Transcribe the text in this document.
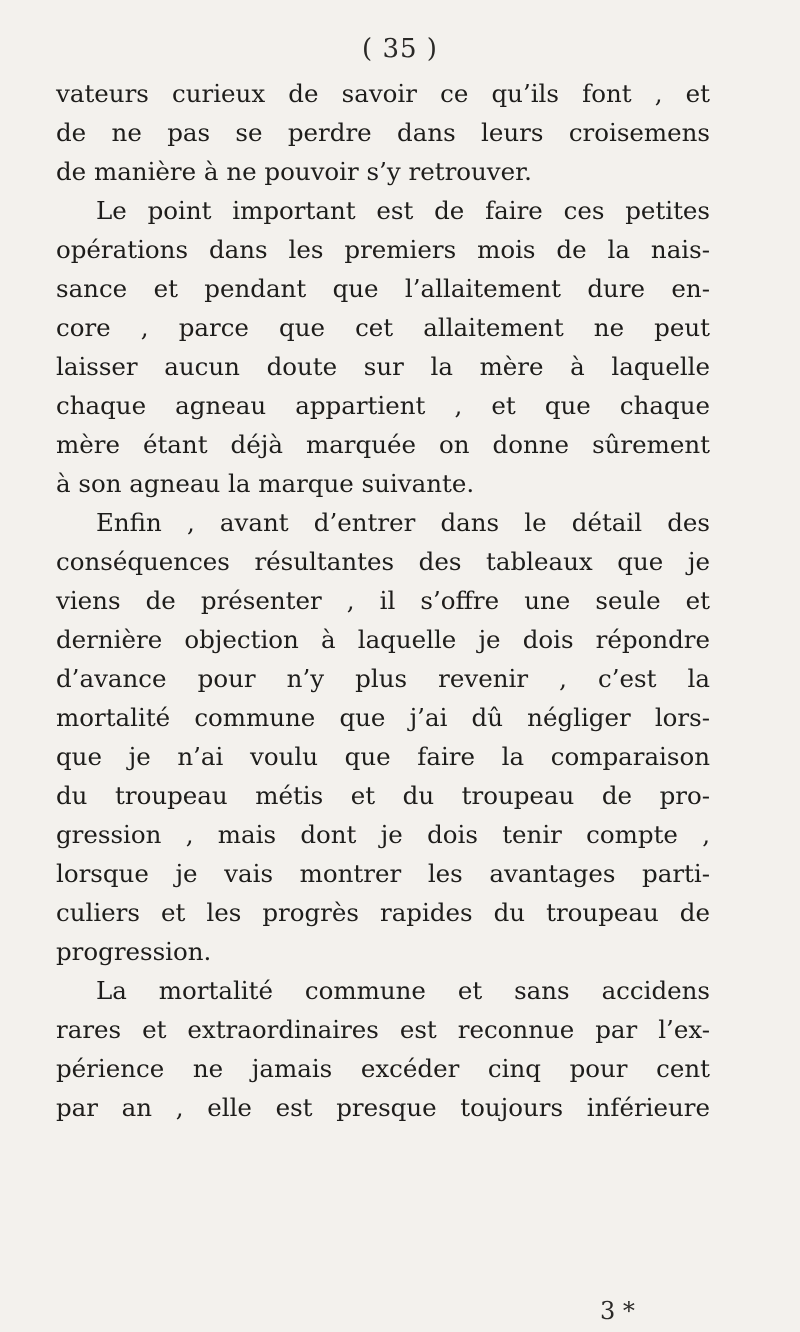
( 35 )
vateurs curieux de savoir ce qu’ils font , et
de ne pas se perdre dans leurs croisemens
de manière à ne pouvoir s’y retrouver.
Le point important est de faire ces petites
opérations dans les premiers mois de la nais-
sance et pendant que l’allaitement dure en-
core , parce que cet allaitement ne peut
laisser aucun doute sur la mère à laquelle
chaque agneau appartient , et que chaque
mère étant déjà marquée on donne sûrement
à son agneau la marque suivante.
Enfin , avant d’entrer dans le détail des
conséquences résultantes des tableaux que je
viens de présenter , il s’offre une seule et
dernière objection à laquelle je dois répondre
d’avance pour n’y plus revenir , c’est la
mortalité commune que j’ai dû négliger lors-
que je n’ai voulu que faire la comparaison
du troupeau métis et du troupeau de pro-
gression , mais dont je dois tenir compte ,
lorsque je vais montrer les avantages parti-
culiers et les progrès rapides du troupeau de
progression.
La mortalité commune et sans accidens
rares et extraordinaires est reconnue par l’ex-
périence ne jamais excéder cinq pour cent
par an , elle est presque toujours inférieure
3 *
